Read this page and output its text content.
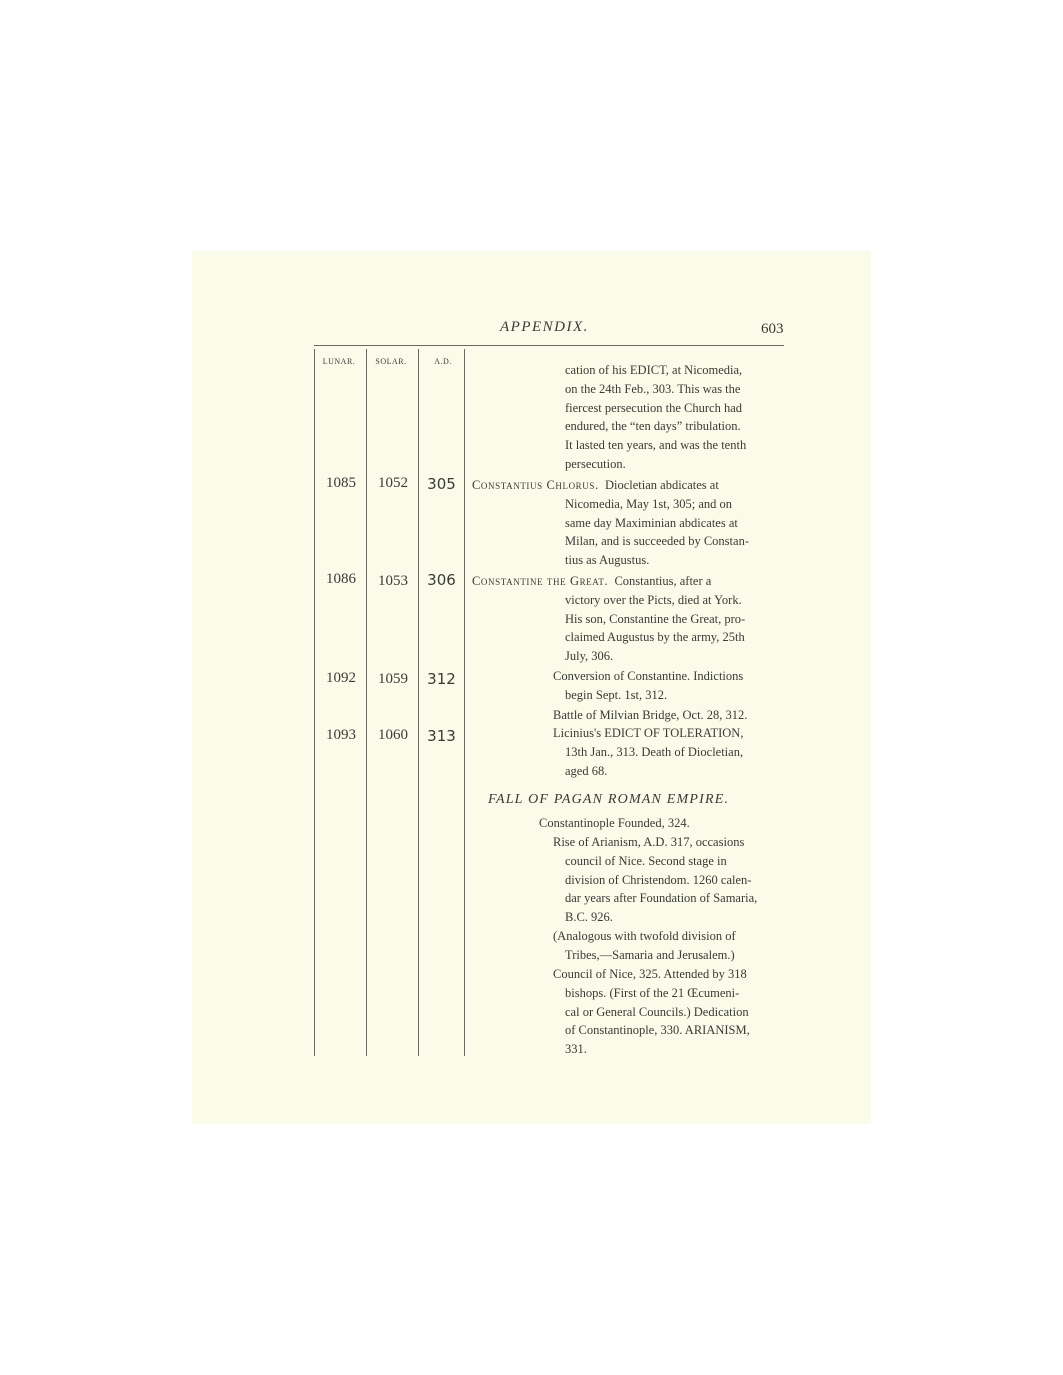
APPENDIX.	603
LUNAR.	SOLAR.	A.D.
cation of his EDICT, at Nicomedia,
on the 24th Feb., 303. This was the
fiercest persecution the Church had
endured, the “ten days” tribulation.
It lasted ten years, and was the tenth
persecution.
1085	1052	305	Constantius Chlorus. Diocletian abdicates at
Nicomedia, May 1st, 305; and on
same day Maximinian abdicates at
Milan, and is succeeded by Constan-
tius as Augustus.
1086	1053	306	Constantine the Great. Constantius, after a
victory over the Picts, died at York.
His son, Constantine the Great, pro-
claimed Augustus by the army, 25th
July, 306.
1092	1059	312	Conversion of Constantine. Indictions
begin Sept. 1st, 312.
Battle of Milvian Bridge, Oct. 28, 312.
1093	1060	313	Licinius's EDICT OF TOLERATION,
13th Jan., 313. Death of Diocletian,
aged 68.
FALL OF PAGAN ROMAN EMPIRE.
Constantinople Founded, 324.
Rise of Arianism, A.D. 317, occasions
council of Nice. Second stage in
division of Christendom. 1260 calen-
dar years after Foundation of Samaria,
B.C. 926.
(Analogous with twofold division of
Tribes,—Samaria and Jerusalem.)
Council of Nice, 325. Attended by 318
bishops. (First of the 21 Œcumeni-
cal or General Councils.) Dedication
of Constantinople, 330. ARIANISM,
331.
